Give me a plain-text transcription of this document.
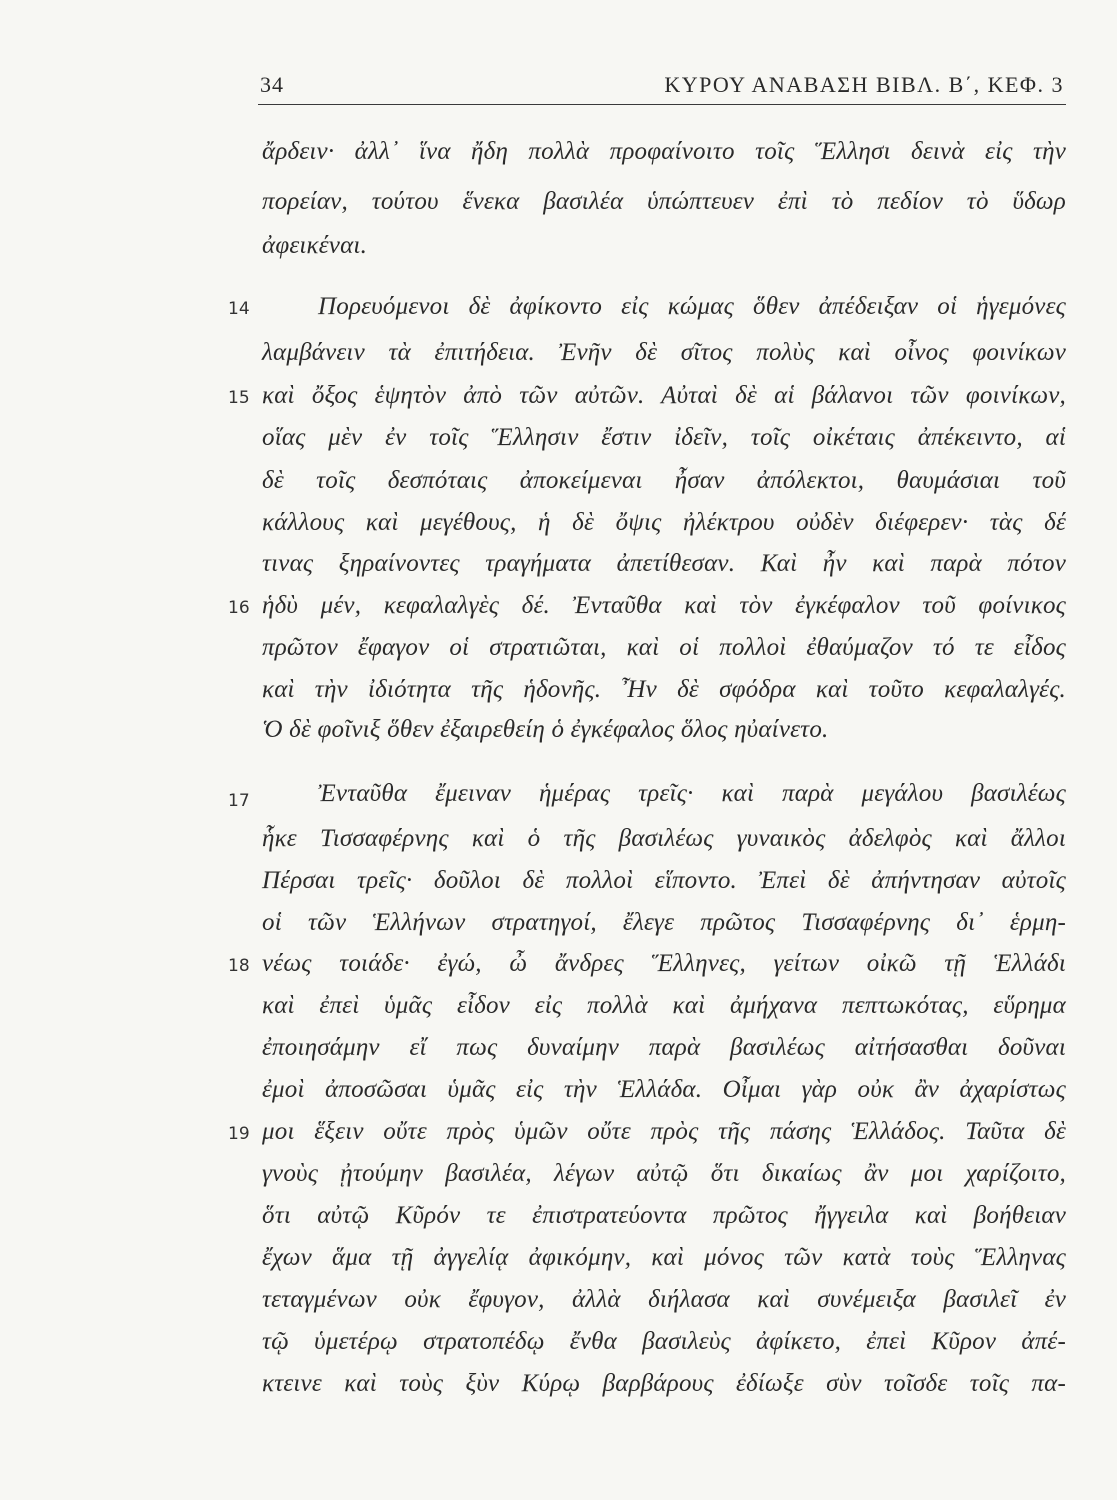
34	ΚΥΡΟΥ ΑΝΑΒΑΣΗ ΒΙΒΛ. Β΄, ΚΕΦ. 3
ἄρδειν· ἀλλ᾽ ἵνα ἤδη πολλὰ προφαίνοιτο τοῖς Ἕλλησι δεινὰ εἰς τὴν
πορείαν, τούτου ἕνεκα βασιλέα ὑπώπτευεν ἐπὶ τὸ πεδίον τὸ ὕδωρ
ἀφεικέναι.
14	Πορευόμενοι δὲ ἀφίκοντο εἰς κώμας ὅθεν ἀπέδειξαν οἱ ἡγεμόνες
λαμβάνειν τὰ ἐπιτήδεια. Ἐνῆν δὲ σῖτος πολὺς καὶ οἶνος φοινίκων
15 καὶ ὄξος ἑψητὸν ἀπὸ τῶν αὐτῶν. Αὐταὶ δὲ αἱ βάλανοι τῶν φοινίκων,
οἵας μὲν ἐν τοῖς Ἕλλησιν ἔστιν ἰδεῖν, τοῖς οἰκέταις ἀπέκειντο, αἱ
δὲ τοῖς δεσπόταις ἀποκείμεναι ἦσαν ἀπόλεκτοι, θαυμάσιαι τοῦ
κάλλους καὶ μεγέθους, ἡ δὲ ὄψις ἠλέκτρου οὐδὲν διέφερεν· τὰς δέ
τινας ξηραίνοντες τραγήματα ἀπετίθεσαν. Καὶ ἦν καὶ παρὰ πότον
16 ἡδὺ μέν, κεφαλαλγὲς δέ. Ἐνταῦθα καὶ τὸν ἐγκέφαλον τοῦ φοίνικος
πρῶτον ἔφαγον οἱ στρατιῶται, καὶ οἱ πολλοὶ ἐθαύμαζον τό τε εἶδος
καὶ τὴν ἰδιότητα τῆς ἡδονῆς. Ἦν δὲ σφόδρα καὶ τοῦτο κεφαλαλγές.
Ὁ δὲ φοῖνιξ ὅθεν ἐξαιρεθείη ὁ ἐγκέφαλος ὅλος ηὐαίνετο.
17	Ἐνταῦθα ἔμειναν ἡμέρας τρεῖς· καὶ παρὰ μεγάλου βασιλέως
ἧκε Τισσαφέρνης καὶ ὁ τῆς βασιλέως γυναικὸς ἀδελφὸς καὶ ἄλλοι
Πέρσαι τρεῖς· δοῦλοι δὲ πολλοὶ εἵποντο. Ἐπεὶ δὲ ἀπήντησαν αὐτοῖς
οἱ τῶν Ἑλλήνων στρατηγοί, ἔλεγε πρῶτος Τισσαφέρνης δι᾽ ἑρμη-
18 νέως τοιάδε· ἐγώ, ὦ ἄνδρες Ἕλληνες, γείτων οἰκῶ τῇ Ἑλλάδι
καὶ ἐπεὶ ὑμᾶς εἶδον εἰς πολλὰ καὶ ἀμήχανα πεπτωκότας, εὕρημα
ἐποιησάμην εἴ πως δυναίμην παρὰ βασιλέως αἰτήσασθαι δοῦναι
ἐμοὶ ἀποσῶσαι ὑμᾶς εἰς τὴν Ἑλλάδα. Οἶμαι γὰρ οὐκ ἂν ἀχαρίστως
19 μοι ἕξειν οὔτε πρὸς ὑμῶν οὔτε πρὸς τῆς πάσης Ἑλλάδος. Ταῦτα δὲ
γνοὺς ᾐτούμην βασιλέα, λέγων αὐτῷ ὅτι δικαίως ἂν μοι χαρίζοιτο,
ὅτι αὐτῷ Κῦρόν τε ἐπιστρατεύοντα πρῶτος ἤγγειλα καὶ βοήθειαν
ἔχων ἅμα τῇ ἀγγελίᾳ ἀφικόμην, καὶ μόνος τῶν κατὰ τοὺς Ἕλληνας
τεταγμένων οὐκ ἔφυγον, ἀλλὰ διήλασα καὶ συνέμειξα βασιλεῖ ἐν
τῷ ὑμετέρῳ στρατοπέδῳ ἔνθα βασιλεὺς ἀφίκετο, ἐπεὶ Κῦρον ἀπέ-
κτεινε καὶ τοὺς ξὺν Κύρῳ βαρβάρους ἐδίωξε σὺν τοῖσδε τοῖς πα-
